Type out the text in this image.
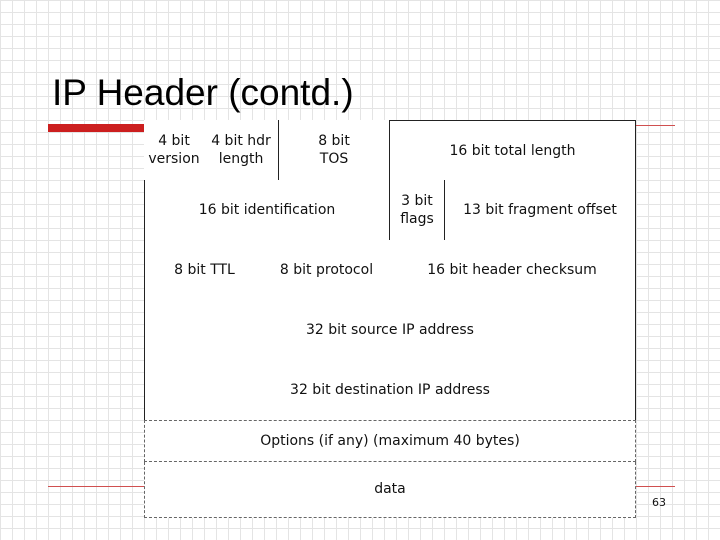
IP Header (contd.)
4 bit
version
4 bit hdr
length
8 bit
TOS
16 bit total length
16 bit identification
3 bit
flags
13 bit fragment offset
8 bit TTL	8 bit protocol	16 bit header checksum
32 bit source IP address
32 bit destination IP address
Options (if any) (maximum 40 bytes)
data
63
